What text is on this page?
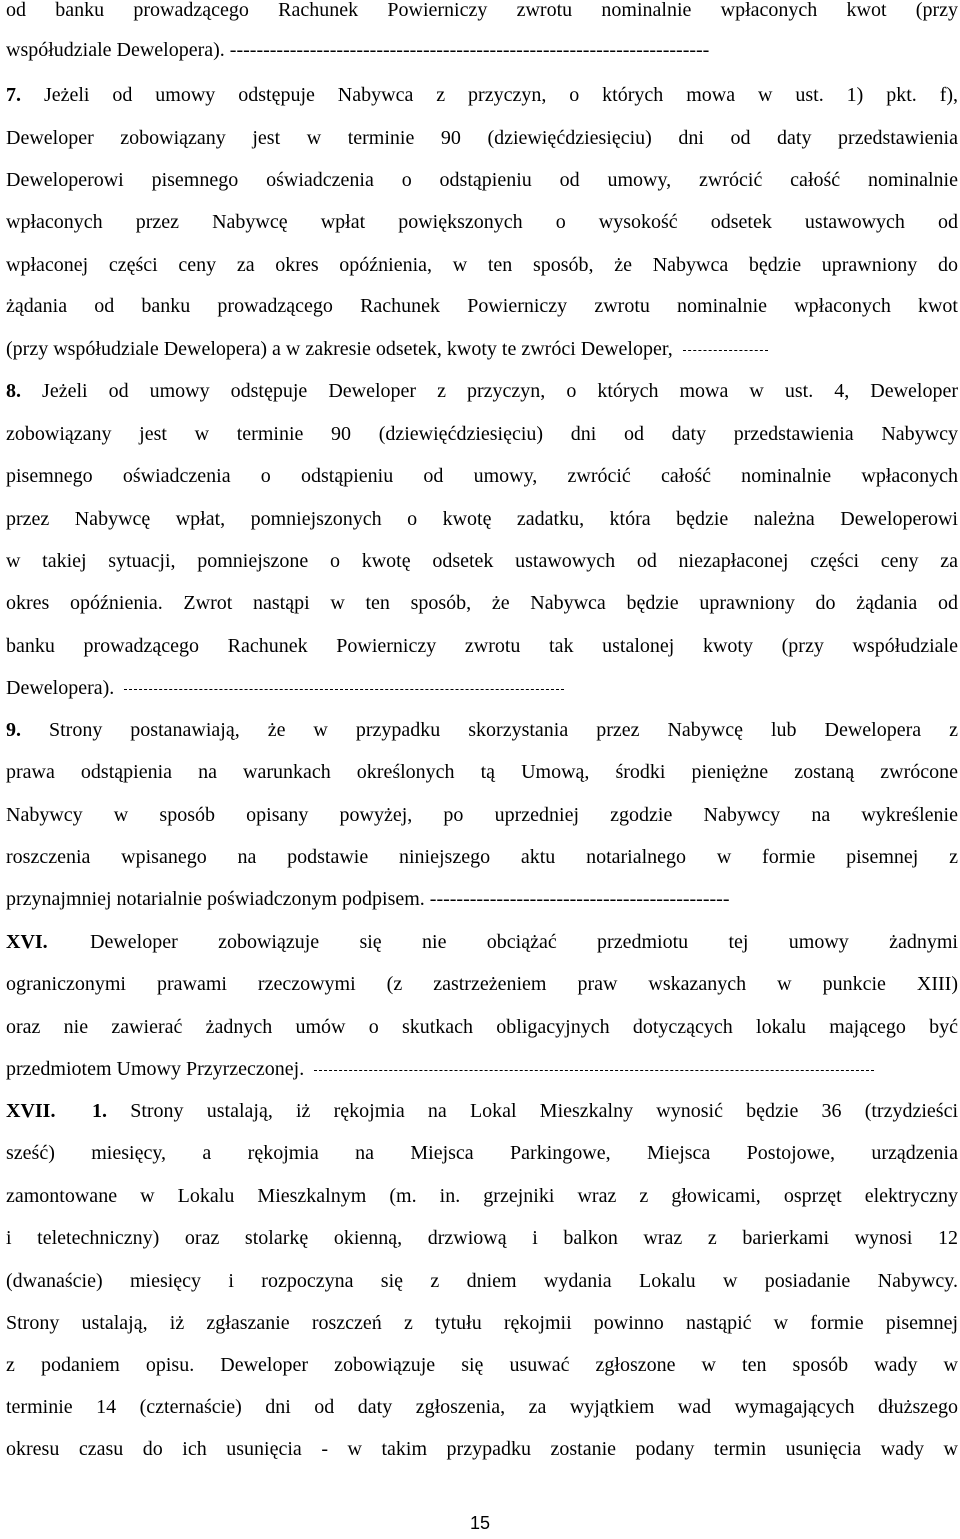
od banku prowadzącego Rachunek Powierniczy zwrotu nominalnie wpłaconych kwot (przy
współudziale Dewelopera). ------------------------------------------------------------------------
7. Jeżeli od umowy odstępuje Nabywca z przyczyn, o których mowa w ust. 1) pkt. f),
Deweloper zobowiązany jest w terminie 90 (dziewięćdziesięciu) dni od daty przedstawienia
Deweloperowi pisemnego oświadczenia o odstąpieniu od umowy, zwrócić całość nominalnie
wpłaconych przez Nabywcę wpłat powiększonych o wysokość odsetek ustawowych od
wpłaconej części ceny za okres opóźnienia, w ten sposób, że Nabywca będzie uprawniony do
żądania od banku prowadzącego Rachunek Powierniczy zwrotu nominalnie wpłaconych kwot
(przy współudziale Dewelopera) a w zakresie odsetek, kwoty te zwróci Deweloper,
8. Jeżeli od umowy odstępuje Deweloper z przyczyn, o których mowa w ust. 4, Deweloper
zobowiązany jest w terminie 90 (dziewięćdziesięciu) dni od daty przedstawienia Nabywcy
pisemnego oświadczenia o odstąpieniu od umowy, zwrócić całość nominalnie wpłaconych
przez Nabywcę wpłat, pomniejszonych o kwotę zadatku, która będzie należna Deweloperowi
w takiej sytuacji, pomniejszone o kwotę odsetek ustawowych od niezapłaconej części ceny za
okres opóźnienia. Zwrot nastąpi w ten sposób, że Nabywca będzie uprawniony do żądania od
banku prowadzącego Rachunek Powierniczy zwrotu tak ustalonej kwoty (przy współudziale
Dewelopera).
9. Strony postanawiają, że w przypadku skorzystania przez Nabywcę lub Dewelopera z
prawa odstąpienia na warunkach określonych tą Umową, środki pieniężne zostaną zwrócone
Nabywcy w sposób opisany powyżej, po uprzedniej zgodzie Nabywcy na wykreślenie
roszczenia wpisanego na podstawie niniejszego aktu notarialnego w formie pisemnej z
przynajmniej notarialnie poświadczonym podpisem. ---------------------------------------------
XVI. Deweloper zobowiązuje się nie obciążać przedmiotu tej umowy żadnymi
ograniczonymi prawami rzeczowymi (z zastrzeżeniem praw wskazanych w punkcie XIII)
oraz nie zawierać żadnych umów o skutkach obligacyjnych dotyczących lokalu mającego być
przedmiotem Umowy Przyrzeczonej.
XVII. 1. Strony ustalają, iż rękojmia na Lokal Mieszkalny wynosić będzie 36 (trzydzieści
sześć) miesięcy, a rękojmia na Miejsca Parkingowe, Miejsca Postojowe, urządzenia
zamontowane w Lokalu Mieszkalnym (m. in. grzejniki wraz z głowicami, osprzęt elektryczny
i teletechniczny) oraz stolarkę okienną, drzwiową i balkon wraz z barierkami wynosi 12
(dwanaście) miesięcy i rozpoczyna się z dniem wydania Lokalu w posiadanie Nabywcy.
Strony ustalają, iż zgłaszanie roszczeń z tytułu rękojmii powinno nastąpić w formie pisemnej
z podaniem opisu. Deweloper zobowiązuje się usuwać zgłoszone w ten sposób wady w
terminie 14 (czternaście) dni od daty zgłoszenia, za wyjątkiem wad wymagających dłuższego
okresu czasu do ich usunięcia - w takim przypadku zostanie podany termin usunięcia wady w
15
